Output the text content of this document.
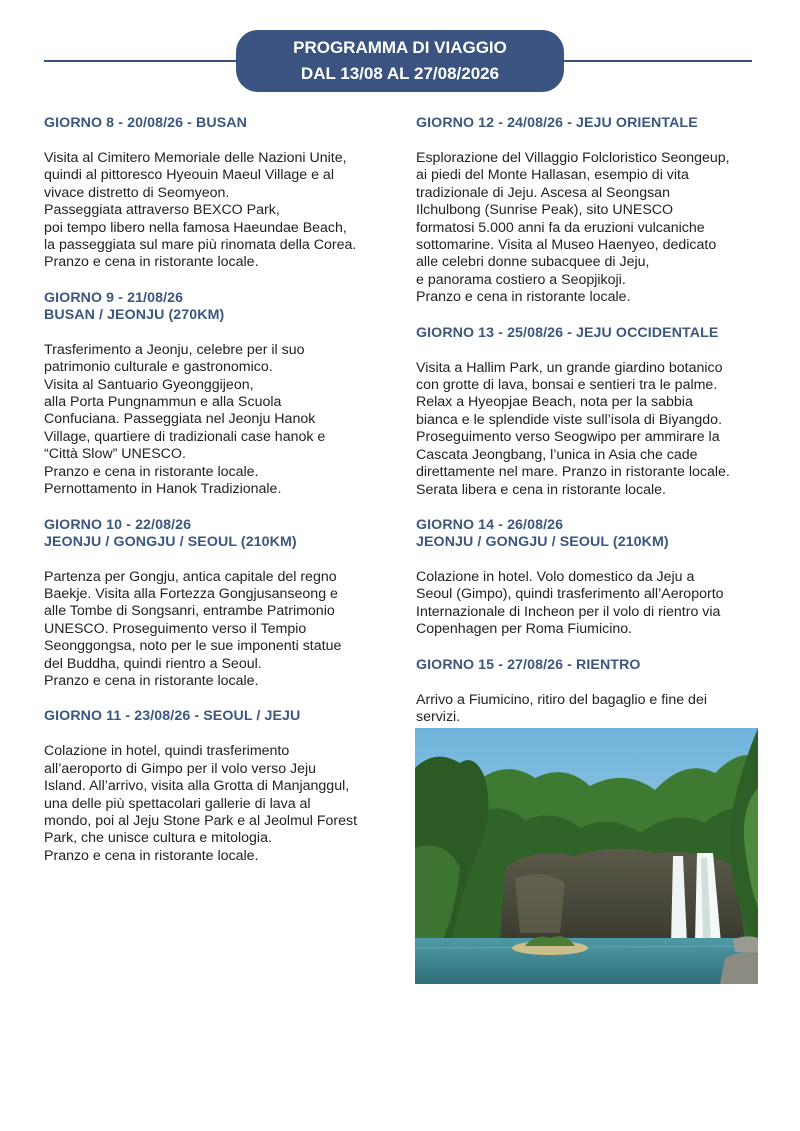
PROGRAMMA DI VIAGGIO
DAL 13/08 AL 27/08/2026
GIORNO 8 - 20/08/26 - BUSAN
Visita al Cimitero Memoriale delle Nazioni Unite,
quindi al pittoresco Hyeouin Maeul Village e al
vivace distretto di Seomyeon.
Passeggiata attraverso BEXCO Park,
poi tempo libero nella famosa Haeundae Beach,
la passeggiata sul mare più rinomata della Corea.
Pranzo e cena in ristorante locale.
GIORNO 9 - 21/08/26
BUSAN / JEONJU (270KM)
Trasferimento a Jeonju, celebre per il suo
patrimonio culturale e gastronomico.
Visita al Santuario Gyeonggijeon,
alla Porta Pungnammun e alla Scuola
Confuciana. Passeggiata nel Jeonju Hanok
Village, quartiere di tradizionali case hanok e
“Città Slow” UNESCO.
Pranzo e cena in ristorante locale.
Pernottamento in Hanok Tradizionale.
GIORNO 10 - 22/08/26
JEONJU / GONGJU / SEOUL (210KM)
Partenza per Gongju, antica capitale del regno
Baekje. Visita alla Fortezza Gongjusanseong e
alle Tombe di Songsanri, entrambe Patrimonio
UNESCO. Proseguimento verso il Tempio
Seonggongsa, noto per le sue imponenti statue
del Buddha, quindi rientro a Seoul.
Pranzo e cena in ristorante locale.
GIORNO 11 - 23/08/26 - SEOUL / JEJU
Colazione in hotel, quindi trasferimento
all’aeroporto di Gimpo per il volo verso Jeju
Island. All’arrivo, visita alla Grotta di Manjanggul,
una delle più spettacolari gallerie di lava al
mondo, poi al Jeju Stone Park e al Jeolmul Forest
Park, che unisce cultura e mitologia.
Pranzo e cena in ristorante locale.
GIORNO 12 - 24/08/26 - JEJU ORIENTALE
Esplorazione del Villaggio Folcloristico Seongeup,
ai piedi del Monte Hallasan, esempio di vita
tradizionale di Jeju. Ascesa al Seongsan
Ilchulbong (Sunrise Peak), sito UNESCO
formatosi 5.000 anni fa da eruzioni vulcaniche
sottomarine. Visita al Museo Haenyeo, dedicato
alle celebri donne subacquee di Jeju,
e panorama costiero a Seopjikoji.
Pranzo e cena in ristorante locale.
GIORNO 13 - 25/08/26 - JEJU OCCIDENTALE
Visita a Hallim Park, un grande giardino botanico
con grotte di lava, bonsai e sentieri tra le palme.
Relax a Hyeopjae Beach, nota per la sabbia
bianca e le splendide viste sull’isola di Biyangdo.
Proseguimento verso Seogwipo per ammirare la
Cascata Jeongbang, l’unica in Asia che cade
direttamente nel mare. Pranzo in ristorante locale.
Serata libera e cena in ristorante locale.
GIORNO 14 - 26/08/26
JEONJU / GONGJU / SEOUL (210KM)
Colazione in hotel. Volo domestico da Jeju a
Seoul (Gimpo), quindi trasferimento all’Aeroporto
Internazionale di Incheon per il volo di rientro via
Copenhagen per Roma Fiumicino.
GIORNO 15 - 27/08/26 - RIENTRO
Arrivo a Fiumicino, ritiro del bagaglio e fine dei
servizi.
